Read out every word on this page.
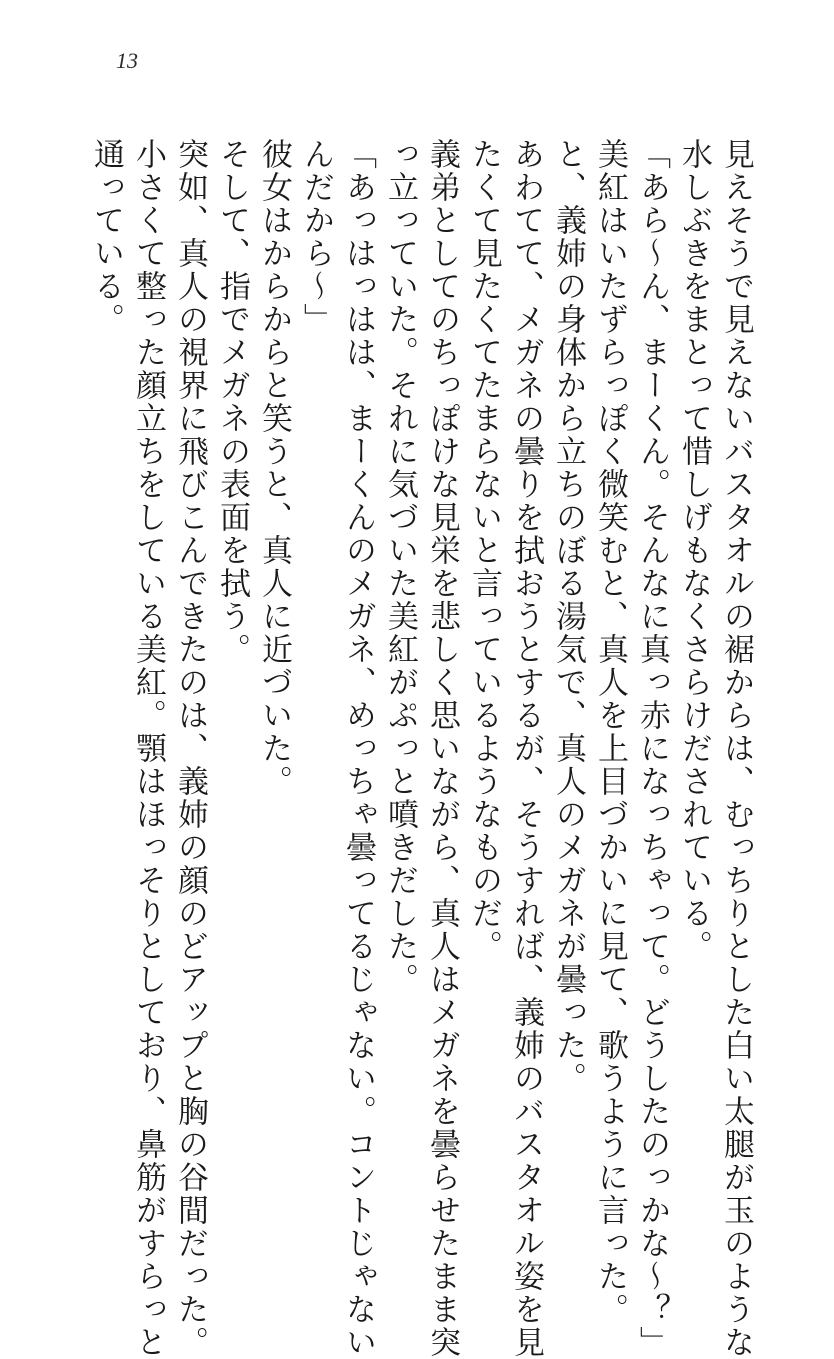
13
見えそうで見えないバスタオルの裾からは、むっちりとした白い太腿が玉のような
水しぶきをまとって惜しげもなくさらけだされている。
「あら～ん、まーくん。そんなに真っ赤になっちゃって。どうしたのっかな～？」
美紅はいたずらっぽく微笑むと、真人を上目づかいに見て、歌うように言った。
と、義姉の身体から立ちのぼる湯気で、真人のメガネが曇った。
あわてて、メガネの曇りを拭おうとするが、そうすれば、義姉のバスタオル姿を見
たくて見たくてたまらないと言っているようなものだ。
義弟としてのちっぽけな見栄を悲しく思いながら、真人はメガネを曇らせたまま突
っ立っていた。それに気づいた美紅がぷっと噴きだした。
「あっはっはは、まーくんのメガネ、めっちゃ曇ってるじゃない。コントじゃない
んだから～」
彼女はからからと笑うと、真人に近づいた。
そして、指でメガネの表面を拭う。
突如、真人の視界に飛びこんできたのは、義姉の顔のどアップと胸の谷間だった。
小さくて整った顔立ちをしている美紅。顎はほっそりとしており、鼻筋がすらっと
通っている。
